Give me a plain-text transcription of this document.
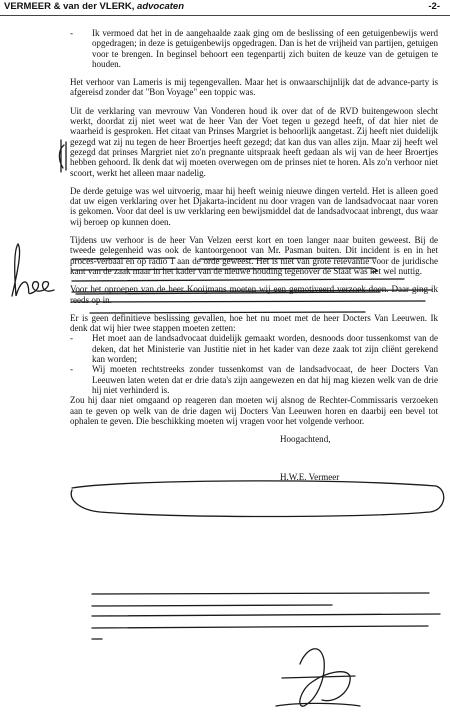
VERMEER & van der VLERK, advocaten	-2-

- Ik vermoed dat het in de aangehaalde zaak ging om de beslissing of een getuigenbewijs werd opgedragen; in deze is getuigenbewijs opgedragen. Dan is het de vrijheid van partijen, getuigen voor te brengen. In beginsel behoort een tegenpartij zich buiten de keuze van de getuigen te houden.

Het verhoor van Lameris is mij tegengevallen. Maar het is onwaarschijnlijk dat de advance-party is afgereisd zonder dat "Bon Voyage" een toppic was.

Uit de verklaring van mevrouw Van Vonderen houd ik over dat of de RVD buitengewoon slecht werkt, doordat zij niet weet wat de heer Van der Voet tegen u gezegd heeft, of dat hier niet de waarheid is gesproken. Het citaat van Prinses Margriet is behoorlijk aangetast. Zij heeft niet duidelijk gezegd wat zij nu tegen de heer Broertjes heeft gezegd; dat kan dus van alles zijn. Maar zij heeft wel gezegd dat prinses Margriet niet zo'n pregnante uitspraak heeft gedaan als wij van de heer Broertjes hebben gehoord. Ik denk dat wij moeten overwegen om de prinses niet te horen. Als zo'n verhoor niet scoort, werkt het alleen maar nadelig.

De derde getuige was wel uitvoerig, maar hij heeft weinig nieuwe dingen verteld. Het is alleen goed dat uw eigen verklaring over het Djakarta-incident nu door vragen van de landsadvocaat naar voren is gekomen. Voor dat deel is uw verklaring een bewijsmiddel dat de landsadvocaat inbrengt, dus waar wij beroep op kunnen doen.

Tijdens uw verhoor is de heer Van Velzen eerst kort en toen langer naar buiten geweest. Bij de tweede gelegenheid was ook de kantoorgenoot van Mr. Pasman buiten. Dit incident is en in het proces-verbaal en op radio 1 aan de orde geweest. Het is niet van grote relevantie voor de juridische kant van de zaak maar in het kader van de nieuwe houding tegenover de Staat was het wel nuttig.

Voor het oproepen van de heer Kooijmans moeten wij een gemotiveerd verzoek doen. Daar ging ik reeds op in.

Er is geen definitieve beslissing gevallen, hoe het nu moet met de heer Docters Van Leeuwen. Ik denk dat wij hier twee stappen moeten zetten:

- Het moet aan de landsadvocaat duidelijk gemaakt worden, desnoods door tussenkomst van de deken, dat het Ministerie van Justitie niet in het kader van deze zaak tot zijn cliënt gerekend kan worden;

- Wij moeten rechtstreeks zonder tussenkomst van de landsadvocaat, de heer Docters Van Leeuwen laten weten dat er drie data's zijn aangewezen en dat hij mag kiezen welk van de drie hij niet verhinderd is.

Zou hij daar niet omgaand op reageren dan moeten wij alsnog de Rechter-Commissaris verzoeken aan te geven op welk van de drie dagen wij Docters Van Leeuwen horen en daarbij een bevel tot ophalen te geven. Die beschikking moeten wij vragen voor het volgende verhoor.

Hoogachtend,
H.W.E. Vermeer
